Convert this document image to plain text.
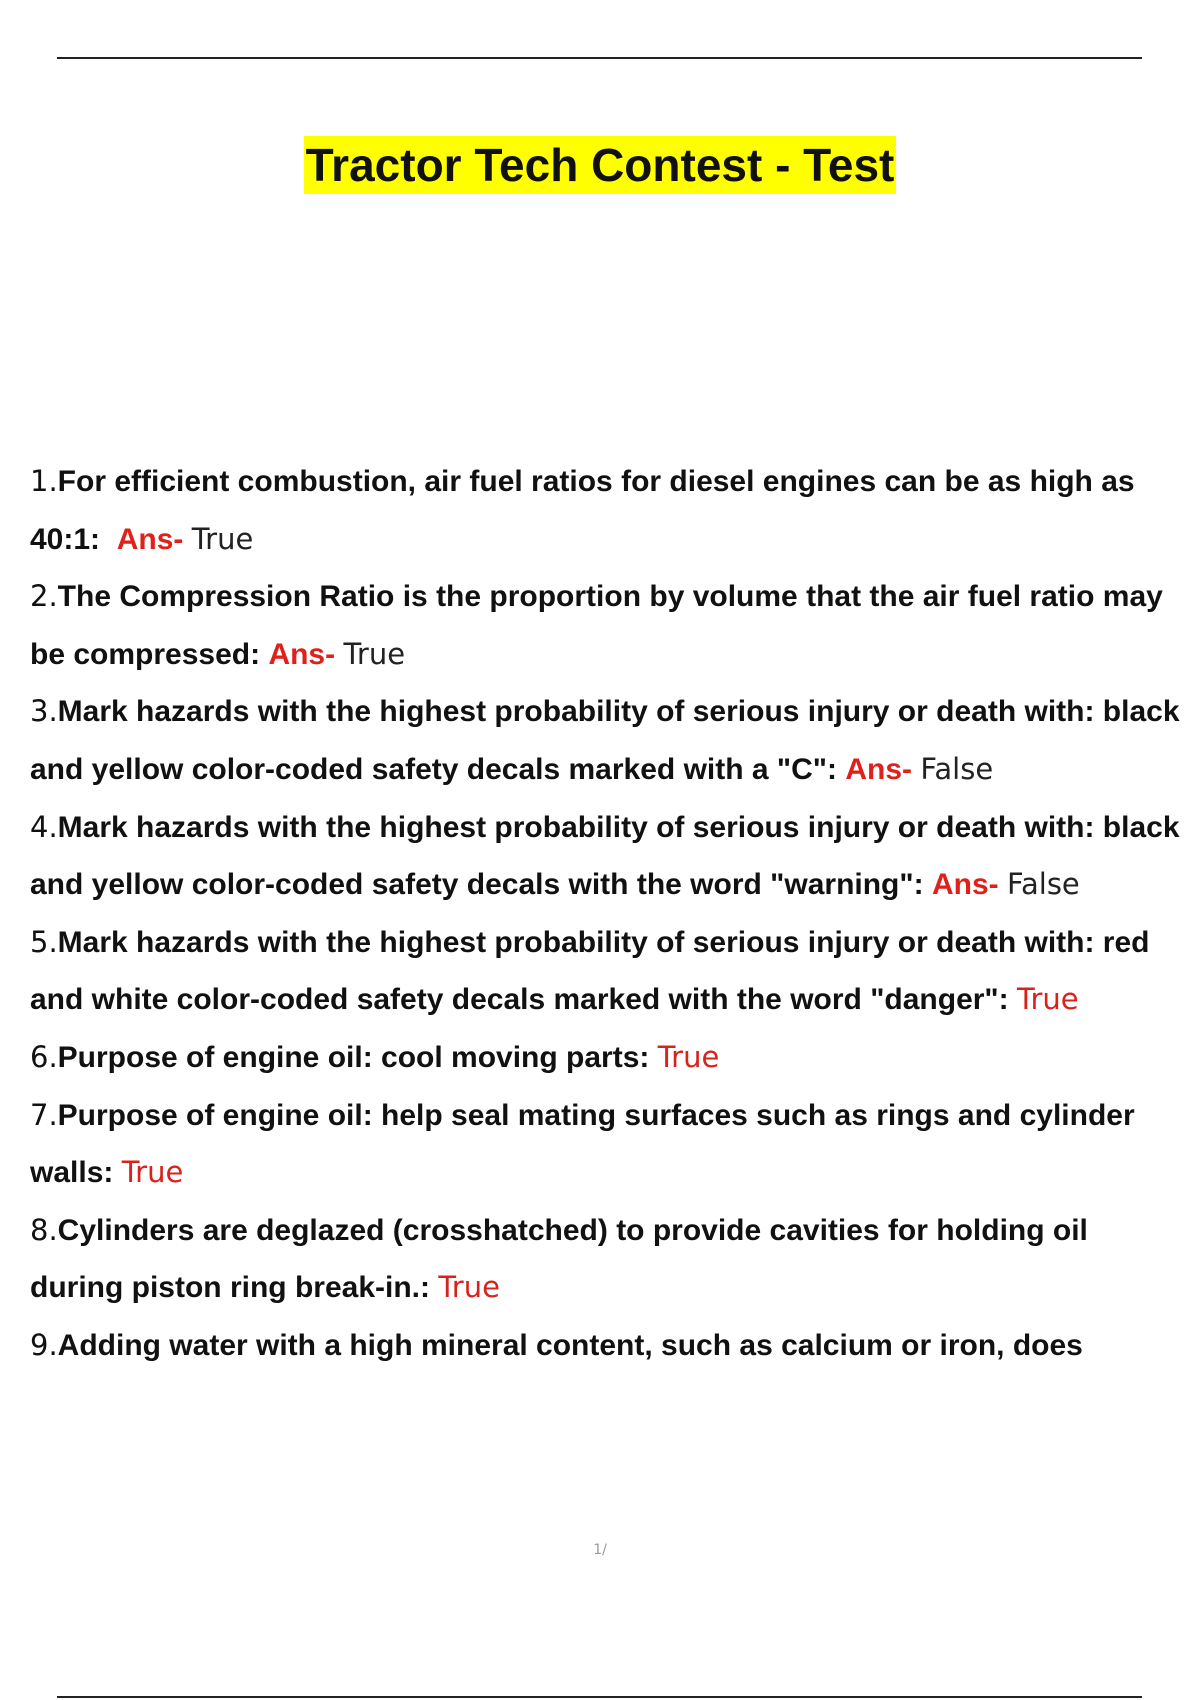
Tractor Tech Contest - Test
1.For efficient combustion, air fuel ratios for diesel engines can be as high as 40:1: Ans- True
2.The Compression Ratio is the proportion by volume that the air fuel ratio may be compressed: Ans- True
3.Mark hazards with the highest probability of serious injury or death with: black and yellow color-coded safety decals marked with a "C": Ans- False
4.Mark hazards with the highest probability of serious injury or death with: black and yellow color-coded safety decals with the word "warning": Ans- False
5.Mark hazards with the highest probability of serious injury or death with: red and white color-coded safety decals marked with the word "danger": True
6.Purpose of engine oil: cool moving parts: True
7.Purpose of engine oil: help seal mating surfaces such as rings and cylinder walls: True
8.Cylinders are deglazed (crosshatched) to provide cavities for holding oil during piston ring break-in.: True
9.Adding water with a high mineral content, such as calcium or iron, does
1/
